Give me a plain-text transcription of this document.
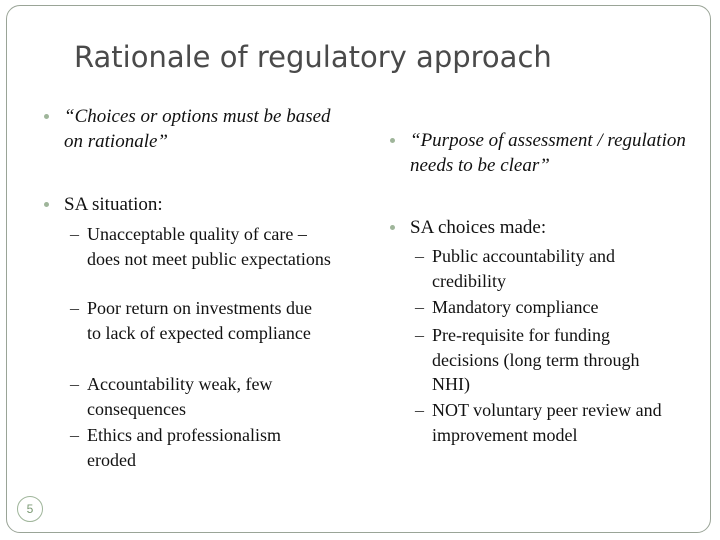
Rationale of regulatory approach
“Choices or options must be based on rationale”
SA situation:
– Unacceptable quality of care – does not meet public expectations
– Poor return on investments due to lack of expected compliance
– Accountability weak, few consequences
– Ethics and professionalism eroded
“Purpose of assessment / regulation needs to be clear”
SA choices made:
– Public accountability and credibility
– Mandatory compliance
– Pre-requisite for funding decisions (long term through NHI)
– NOT voluntary peer review and improvement model
5
